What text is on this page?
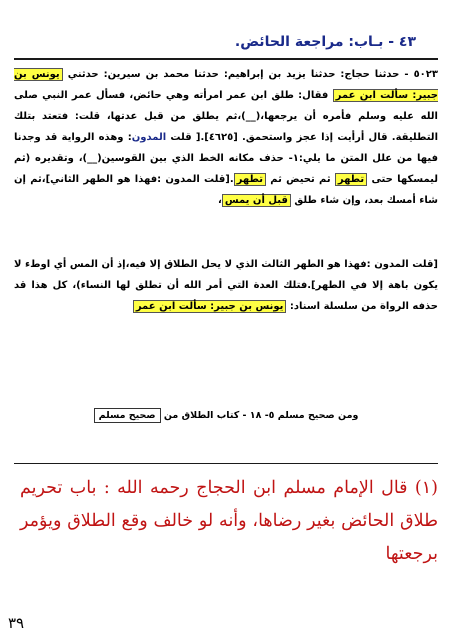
٤٣ - بـاب: مراجعة الحائض.
٥٠٢٣ - حدثنا حجاج: حدثنا يزيد بن إبراهيم: حدثنا محمد بن سيرين: حدثني يونس بن جبير: سألت ابن عمر فقال: طلق ابن عمر امرأته وهي حائض، فسأل عمر النبي صلى الله عليه وسلم فأمره أن يرجعها،(__)،ثم يطلق من قبل عدتها، قلت: فتعتد بتلك التطليقة. قال أرأيت إذا عجز واستحمق. [٤٦٢٥].[ قلت المدون: وهذه الرواية قد وجدنا فيها من علل المتن ما يلي:١- حذف مكانه الخط الذي بين القوسين(__)، وتقديره (ثم ليمسكها حتى تطهر ثم تحيض ثم تطهر.[قلت المدون :فهذا هو الطهر الثاني]،ثم إن شاء أمسك بعد، وإن شاء طلق قبل أن يمس،
[قلت المدون :فهذا هو الطهر الثالث الذي لا يحل الطلاق إلا فيه،إذ أن المس أي اوطء لا يكون باهة إلا في الطهر].فتلك العدة التي أمر الله أن تطلق لها النساء)، كل هذا قد حذفه الرواة من سلسلة اسناد: يونس بن جبير: سألت ابن عمر
ومن صحيح مسلم ٥- ١٨ - كتاب الطلاق من صحيح مسلم
(١) قال الإمام مسلم ابن الحجاج رحمه الله : باب تحريم طلاق الحائض بغير رضاها، وأنه لو خالف وقع الطلاق ويؤمر برجعتها
٣٩
